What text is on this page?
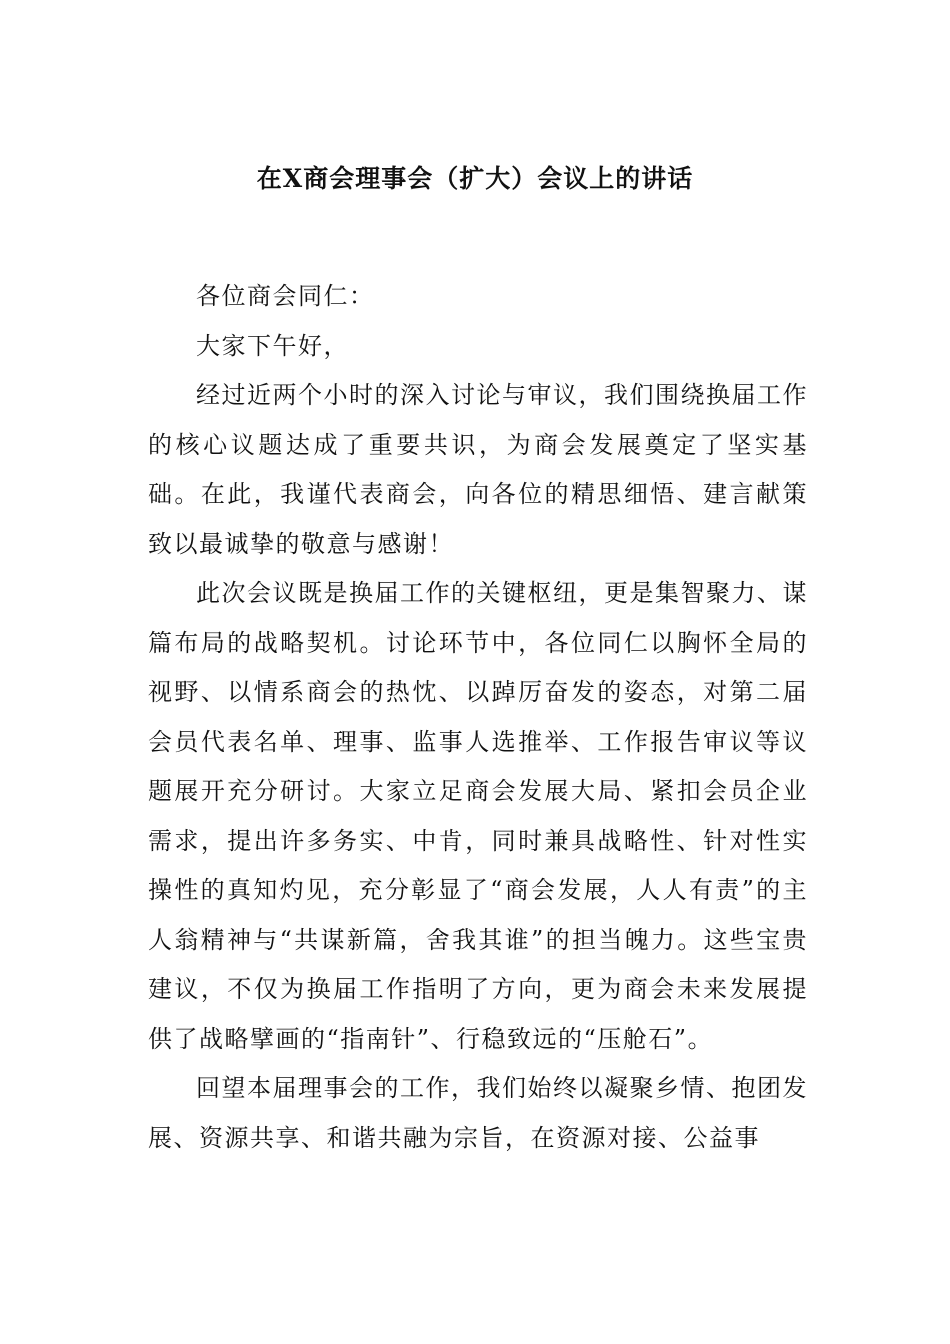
在X商会理事会（扩大）会议上的讲话

各位商会同仁：

大家下午好，

经过近两个小时的深入讨论与审议，我们围绕换届工作的核心议题达成了重要共识，为商会发展奠定了坚实基础。在此，我谨代表商会，向各位的精思细悟、建言献策致以最诚挚的敬意与感谢！

此次会议既是换届工作的关键枢纽，更是集智聚力、谋篇布局的战略契机。讨论环节中，各位同仁以胸怀全局的视野、以情系商会的热忱、以踔厉奋发的姿态，对第二届会员代表名单、理事、监事人选推举、工作报告审议等议题展开充分研讨。大家立足商会发展大局、紧扣会员企业需求，提出许多务实、中肯，同时兼具战略性、针对性实操性的真知灼见，充分彰显了“商会发展，人人有责”的主人翁精神与“共谋新篇，舍我其谁”的担当魄力。这些宝贵建议，不仅为换届工作指明了方向，更为商会未来发展提供了战略擘画的“指南针”、行稳致远的“压舱石”。

回望本届理事会的工作，我们始终以凝聚乡情、抱团发展、资源共享、和谐共融为宗旨，在资源对接、公益事
